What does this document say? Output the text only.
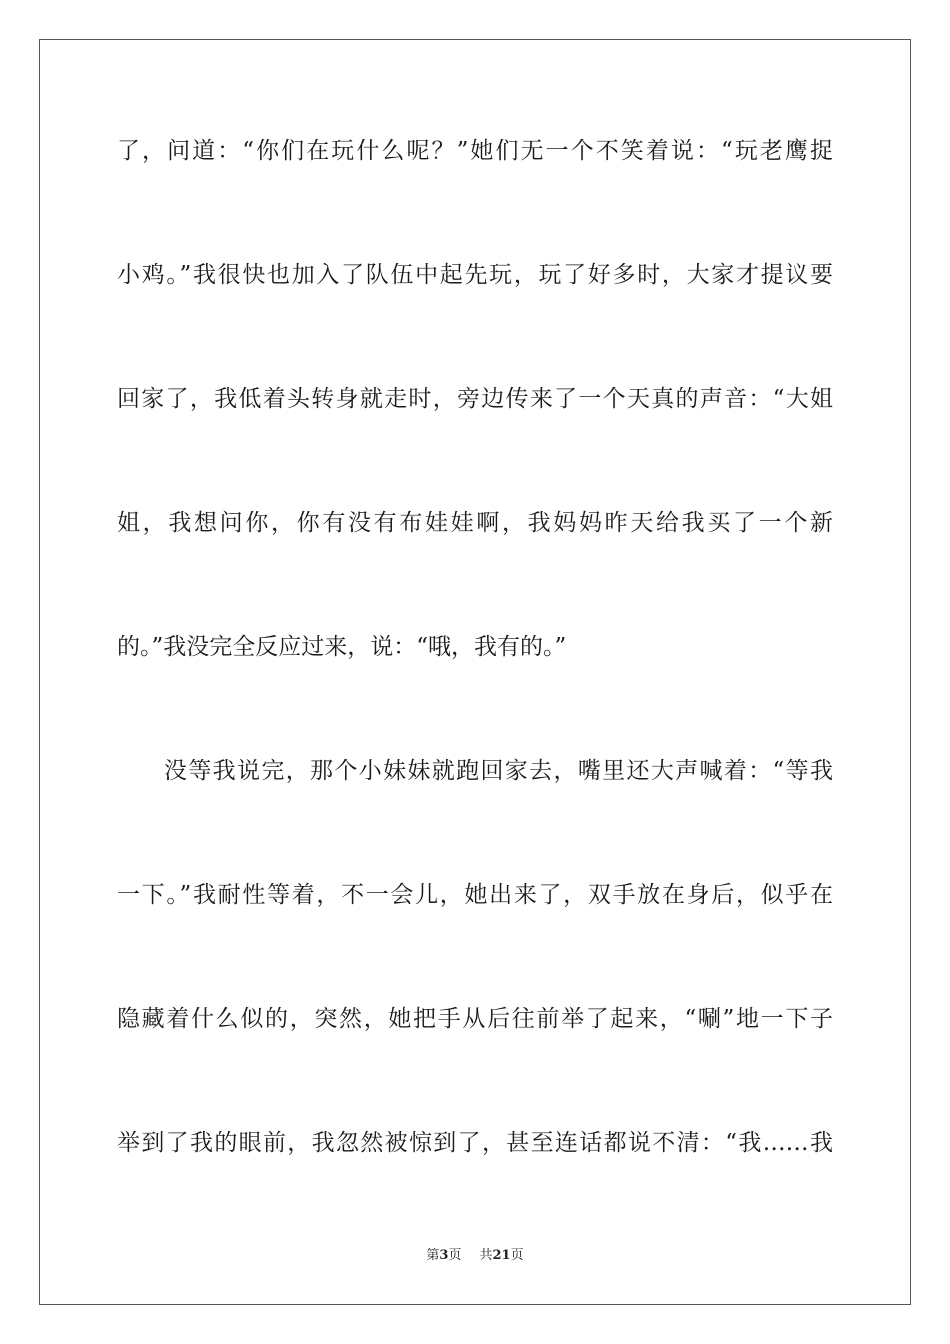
了，问道：“你们在玩什么呢？”她们无一个不笑着说：“玩老鹰捉
小鸡。”我很快也加入了队伍中起先玩，玩了好多时，大家才提议要
回家了，我低着头转身就走时，旁边传来了一个天真的声音：“大姐
姐，我想问你，你有没有布娃娃啊，我妈妈昨天给我买了一个新
的。”我没完全反应过来，说：“哦，我有的。”
没等我说完，那个小妹妹就跑回家去，嘴里还大声喊着：“等我
一下。”我耐性等着，不一会儿，她出来了，双手放在身后，似乎在
隐藏着什么似的，突然，她把手从后往前举了起来，“唰”地一下子
举到了我的眼前，我忽然被惊到了，甚至连话都说不清：“我……我
第3页 共21页
